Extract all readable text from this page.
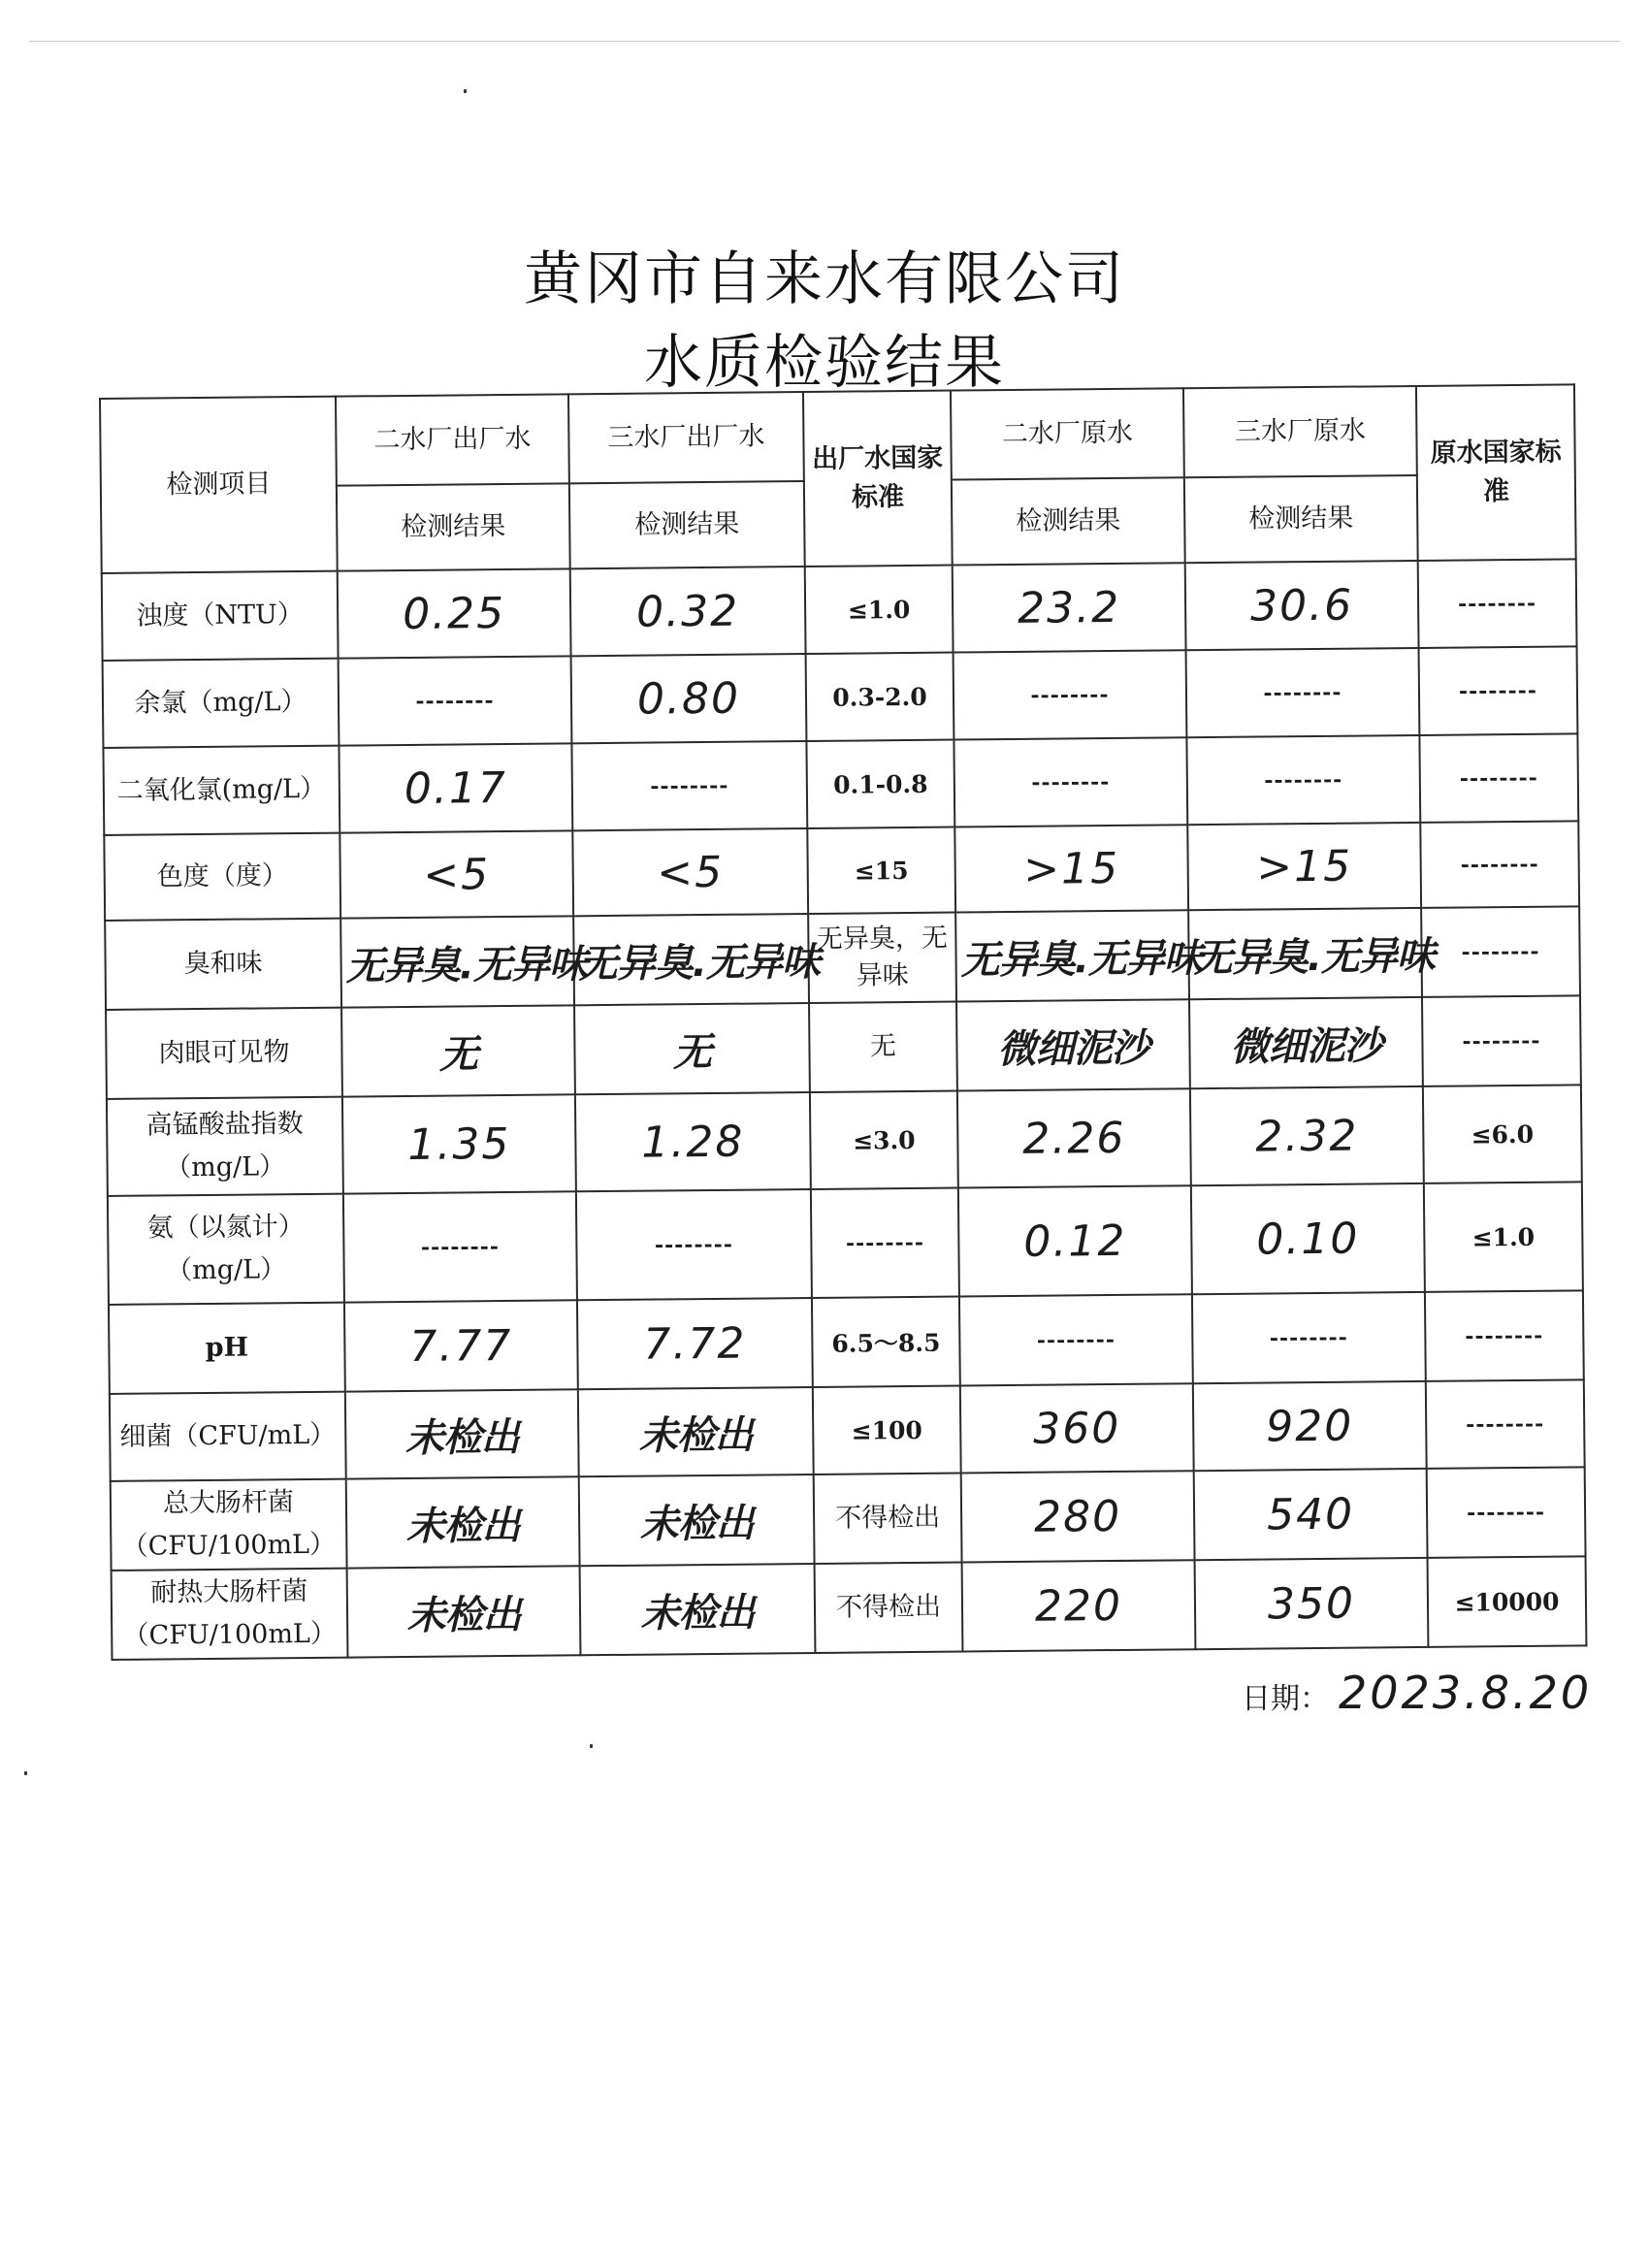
黄冈市自来水有限公司
水质检验结果
检测项目	二水厂出厂水	三水厂出厂水	出厂水国家标准	二水厂原水	三水厂原水	原水国家标准
	检测结果	检测结果		检测结果	检测结果	
浊度（NTU）	0.25	0.32	≤1.0	23.2	30.6	--------
余氯（mg/L）	--------	0.80	0.3-2.0	--------	--------	--------
二氧化氯(mg/L）	0.17	--------	0.1-0.8	--------	--------	--------
色度（度）	<5	<5	≤15	>15	>15	--------
臭和味	无异臭.无异味	无异臭.无异味	无异臭，无异味	无异臭.无异味	无异臭.无异味	--------
肉眼可见物	无	无	无	微细泥沙	微细泥沙	--------
高锰酸盐指数（mg/L）	1.35	1.28	≤3.0	2.26	2.32	≤6.0
氨（以氮计）（mg/L）	--------	--------	--------	0.12	0.10	≤1.0
pH	7.77	7.72	6.5～8.5	--------	--------	--------
细菌（CFU/mL）	未检出	未检出	≤100	360	920	--------
总大肠杆菌（CFU/100mL）	未检出	未检出	不得检出	280	540	--------
耐热大肠杆菌（CFU/100mL）	未检出	未检出	不得检出	220	350	≤10000
日期： 2023.8.20
